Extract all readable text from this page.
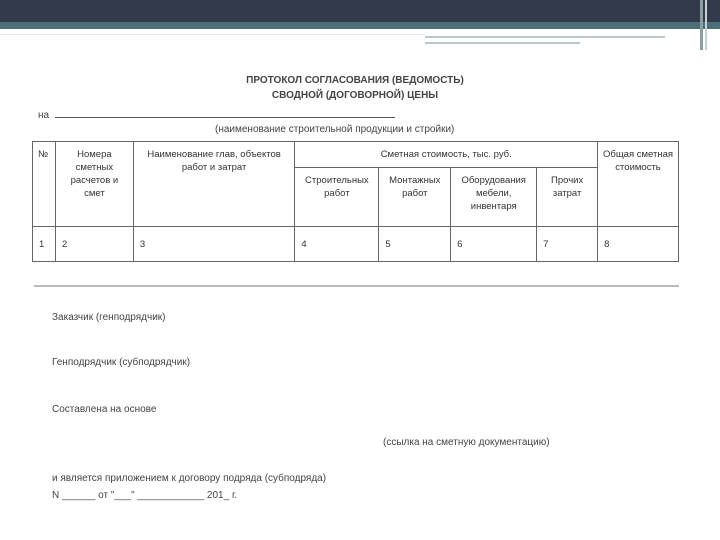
ПРОТОКОЛ СОГЛАСОВАНИЯ (ВЕДОМОСТЬ)
СВОДНОЙ (ДОГОВОРНОЙ) ЦЕНЫ
на
(наименование строительной продукции и стройки)
№	Номера сметных расчетов и смет	Наименование глав, объектов работ и затрат	Сметная стоимость, тыс. руб.				Общая сметная стоимость
			Строительных работ	Монтажных работ	Оборудования мебели, инвентаря	Прочих затрат	
1	2	3	4	5	6	7	8
Заказчик (генподрядчик)
Генподрядчик (субподрядчик)
Составлена на основе
(ссылка на сметную документацию)
и является приложением к договору подряда (субподряда)
N ______ от "___" ____________ 201_ г.
